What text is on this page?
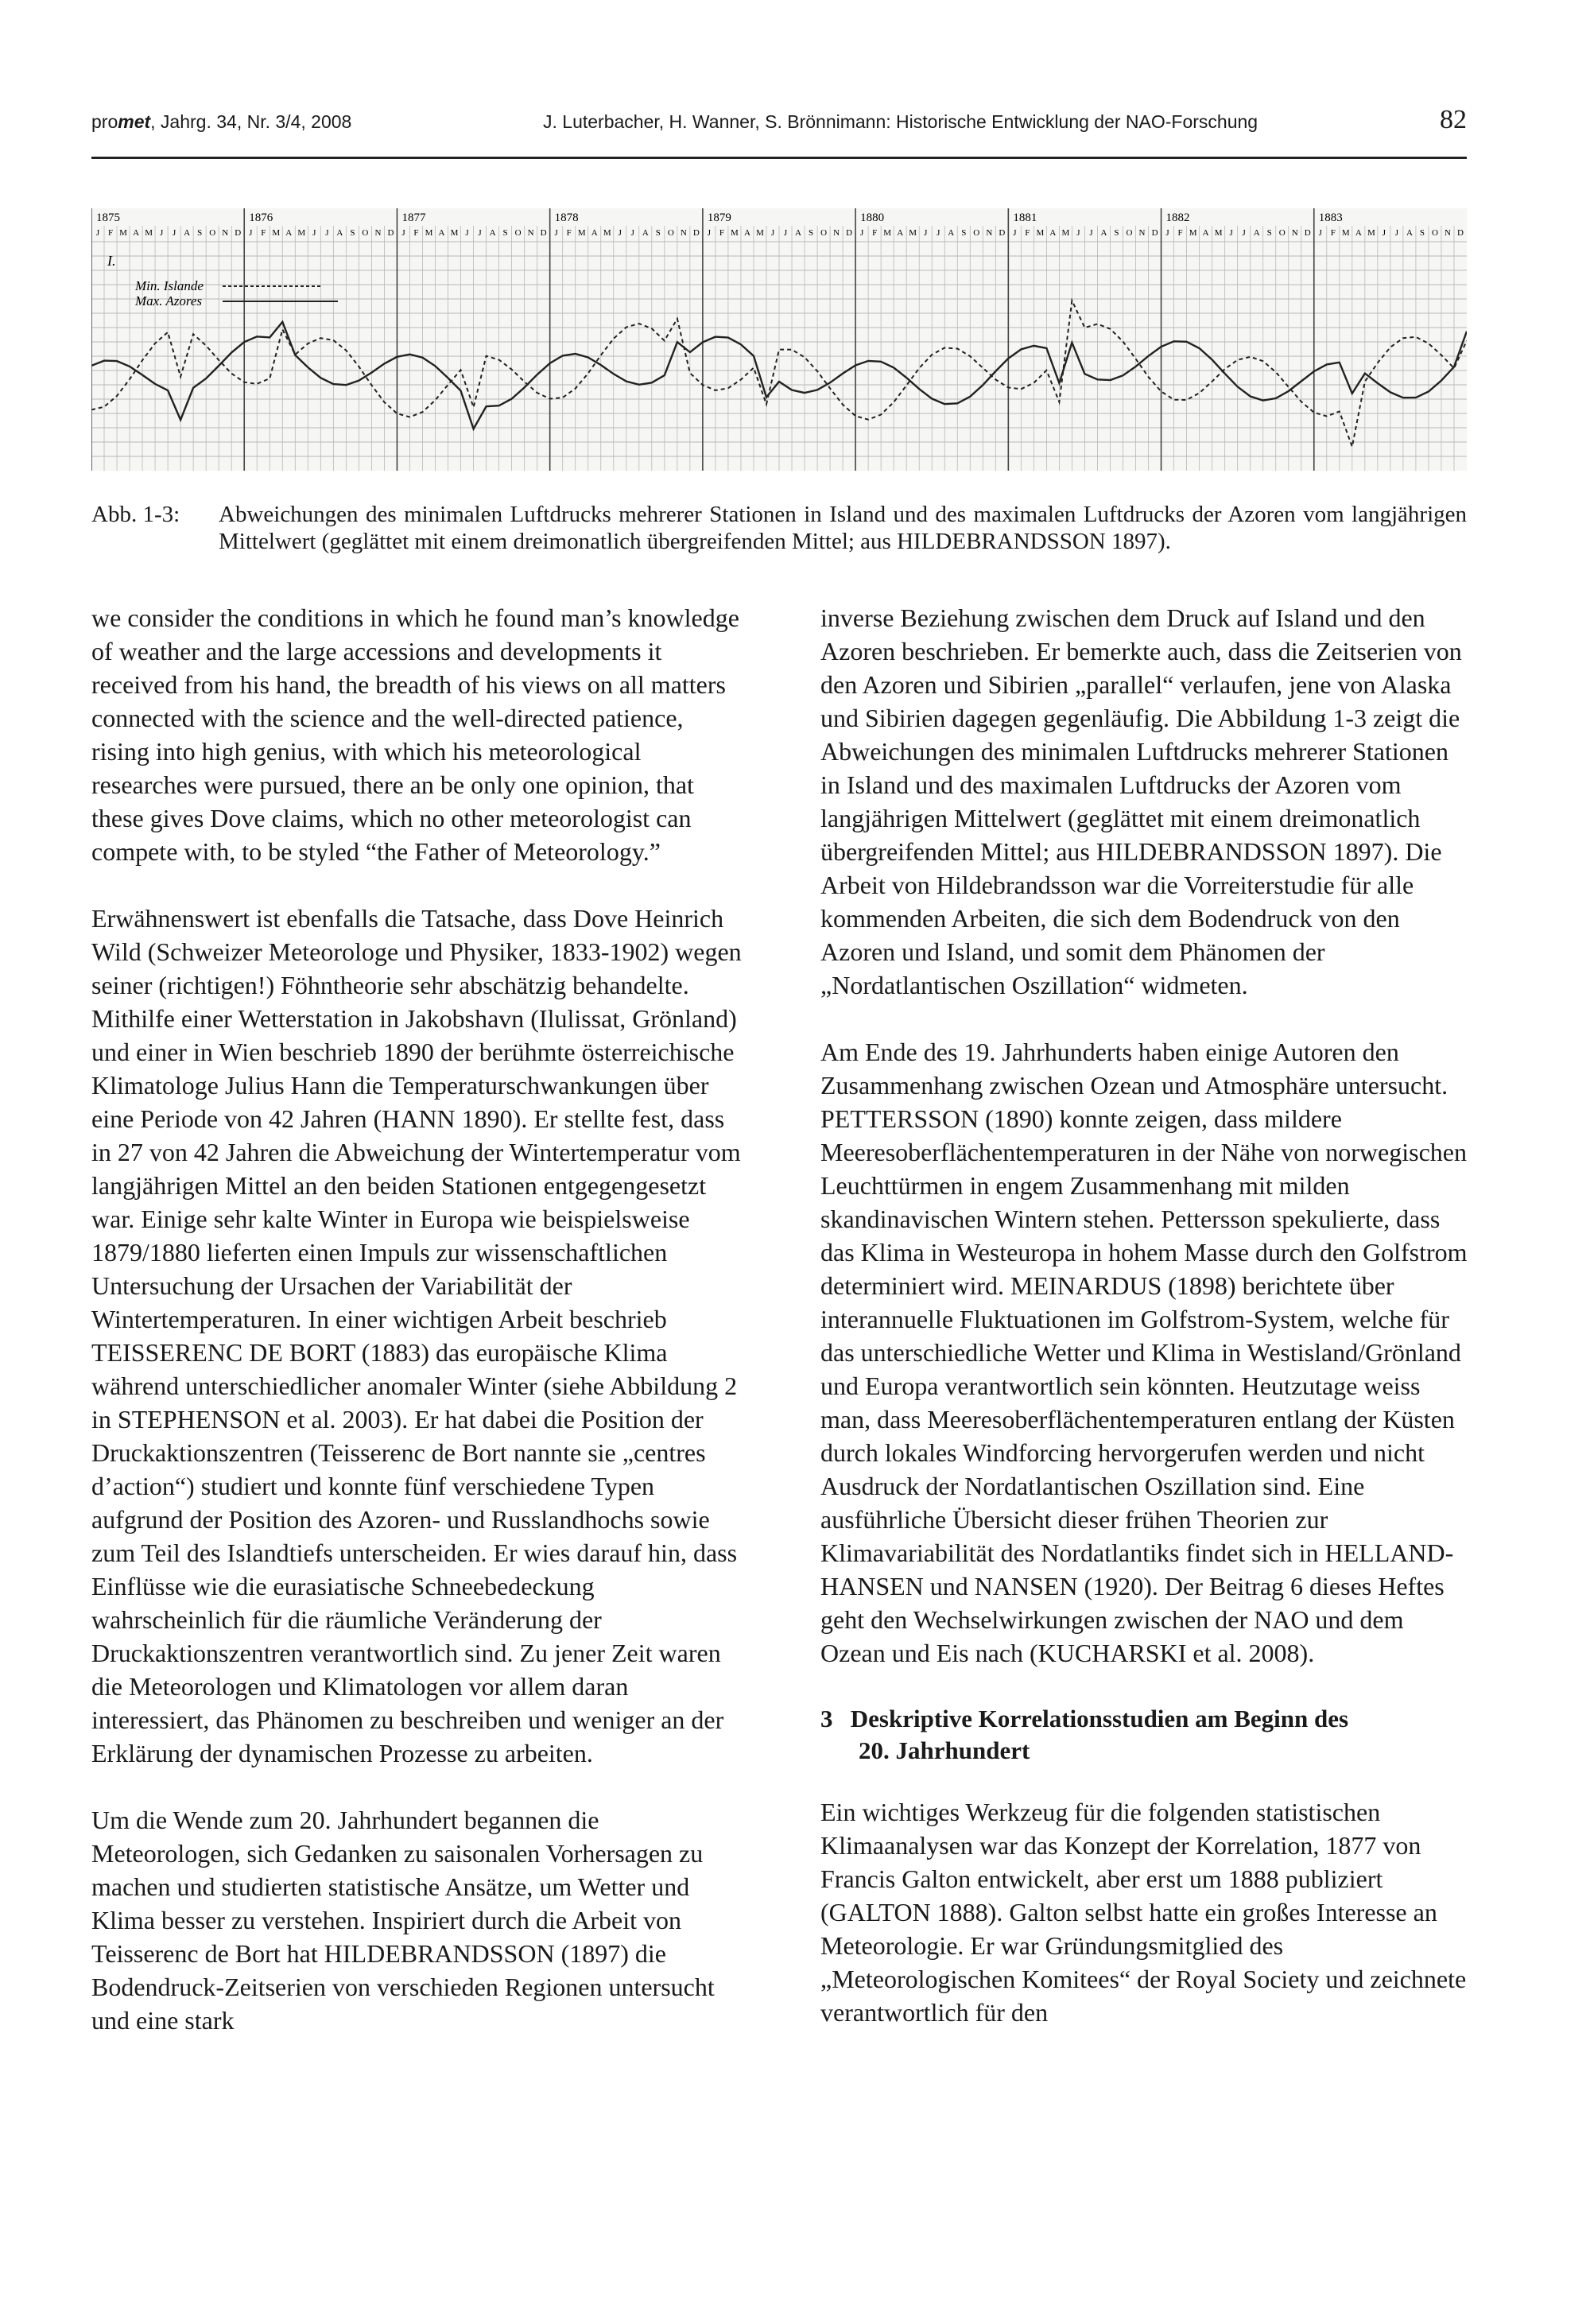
promet, Jahrg. 34, Nr. 3/4, 2008	J. Luterbacher, H. Wanner, S. Brönnimann: Historische Entwicklung der NAO-Forschung	82
1875	1876	1877	1878	1879	1880	1881	1882	1883
J F M A M J J A S O N D J F M A M J J A S O N D J F M A M J J A S O N D J F M A M J J A S O N D J F M A M J J A S O N D J F M A M J J A S O N D J F M A M J J A S O N D J F M A M J J A S O N D J F M A M J J A S O N D
I.
Min. Islande
Max. Azores
Abb. 1-3: Abweichungen des minimalen Luftdrucks mehrerer Stationen in Island und des maximalen Luftdrucks der Azoren vom langjährigen Mittelwert (geglättet mit einem dreimonatlich übergreifenden Mittel; aus HILDEBRANDSSON 1897).

we consider the conditions in which he found man’s knowledge of weather and the large accessions and developments it received from his hand, the breadth of his views on all matters connected with the science and the well-directed patience, rising into high genius, with which his meteorological researches were pursued, there an be only one opinion, that these gives Dove claims, which no other meteorologist can compete with, to be styled “the Father of Meteorology.”

Erwähnenswert ist ebenfalls die Tatsache, dass Dove Heinrich Wild (Schweizer Meteorologe und Physiker, 1833-1902) wegen seiner (richtigen!) Föhntheorie sehr abschätzig behandelte. Mithilfe einer Wetterstation in Jakobshavn (Ilulissat, Grönland) und einer in Wien beschrieb 1890 der berühmte österreichische Klimatologe Julius Hann die Temperaturschwankungen über eine Periode von 42 Jahren (HANN 1890). Er stellte fest, dass in 27 von 42 Jahren die Abweichung der Wintertemperatur vom langjährigen Mittel an den beiden Stationen entgegengesetzt war. Einige sehr kalte Winter in Europa wie beispielsweise 1879/1880 lieferten einen Impuls zur wissenschaftlichen Untersuchung der Ursachen der Variabilität der Wintertemperaturen. In einer wichtigen Arbeit beschrieb TEISSERENC DE BORT (1883) das europäische Klima während unterschiedlicher anomaler Winter (siehe Abbildung 2 in STEPHENSON et al. 2003). Er hat dabei die Position der Druckaktionszentren (Teisserenc de Bort nannte sie „centres d’action“) studiert und konnte fünf verschiedene Typen aufgrund der Position des Azoren- und Russlandhochs sowie zum Teil des Islandtiefs unterscheiden. Er wies darauf hin, dass Einflüsse wie die eurasiatische Schneebedeckung wahrscheinlich für die räumliche Veränderung der Druckaktionszentren verantwortlich sind. Zu jener Zeit waren die Meteorologen und Klimatologen vor allem daran interessiert, das Phänomen zu beschreiben und weniger an der Erklärung der dynamischen Prozesse zu arbeiten.

Um die Wende zum 20. Jahrhundert begannen die Meteorologen, sich Gedanken zu saisonalen Vorhersagen zu machen und studierten statistische Ansätze, um Wetter und Klima besser zu verstehen. Inspiriert durch die Arbeit von Teisserenc de Bort hat HILDEBRANDSSON (1897) die Bodendruck-Zeitserien von verschieden Regionen untersucht und eine stark

inverse Beziehung zwischen dem Druck auf Island und den Azoren beschrieben. Er bemerkte auch, dass die Zeitserien von den Azoren und Sibirien „parallel“ verlaufen, jene von Alaska und Sibirien dagegen gegenläufig. Die Abbildung 1-3 zeigt die Abweichungen des minimalen Luftdrucks mehrerer Stationen in Island und des maximalen Luftdrucks der Azoren vom langjährigen Mittelwert (geglättet mit einem dreimonatlich übergreifenden Mittel; aus HILDEBRANDSSON 1897). Die Arbeit von Hildebrandsson war die Vorreiterstudie für alle kommenden Arbeiten, die sich dem Bodendruck von den Azoren und Island, und somit dem Phänomen der „Nordatlantischen Oszillation“ widmeten.

Am Ende des 19. Jahrhunderts haben einige Autoren den Zusammenhang zwischen Ozean und Atmosphäre untersucht. PETTERSSON (1890) konnte zeigen, dass mildere Meeresoberflächentemperaturen in der Nähe von norwegischen Leuchttürmen in engem Zusammenhang mit milden skandinavischen Wintern stehen. Pettersson spekulierte, dass das Klima in Westeuropa in hohem Masse durch den Golfstrom determiniert wird. MEINARDUS (1898) berichtete über interannuelle Fluktuationen im Golfstrom-System, welche für das unterschiedliche Wetter und Klima in Westisland/Grönland und Europa verantwortlich sein könnten. Heutzutage weiss man, dass Meeresoberflächentemperaturen entlang der Küsten durch lokales Windforcing hervorgerufen werden und nicht Ausdruck der Nordatlantischen Oszillation sind. Eine ausführliche Übersicht dieser frühen Theorien zur Klimavariabilität des Nordatlantiks findet sich in HELLAND-HANSEN und NANSEN (1920). Der Beitrag 6 dieses Heftes geht den Wechselwirkungen zwischen der NAO und dem Ozean und Eis nach (KUCHARSKI et al. 2008).

3 Deskriptive Korrelationsstudien am Beginn des
20. Jahrhundert

Ein wichtiges Werkzeug für die folgenden statistischen Klimaanalysen war das Konzept der Korrelation, 1877 von Francis Galton entwickelt, aber erst um 1888 publiziert (GALTON 1888). Galton selbst hatte ein großes Interesse an Meteorologie. Er war Gründungsmitglied des „Meteorologischen Komitees“ der Royal Society und zeichnete verantwortlich für den
